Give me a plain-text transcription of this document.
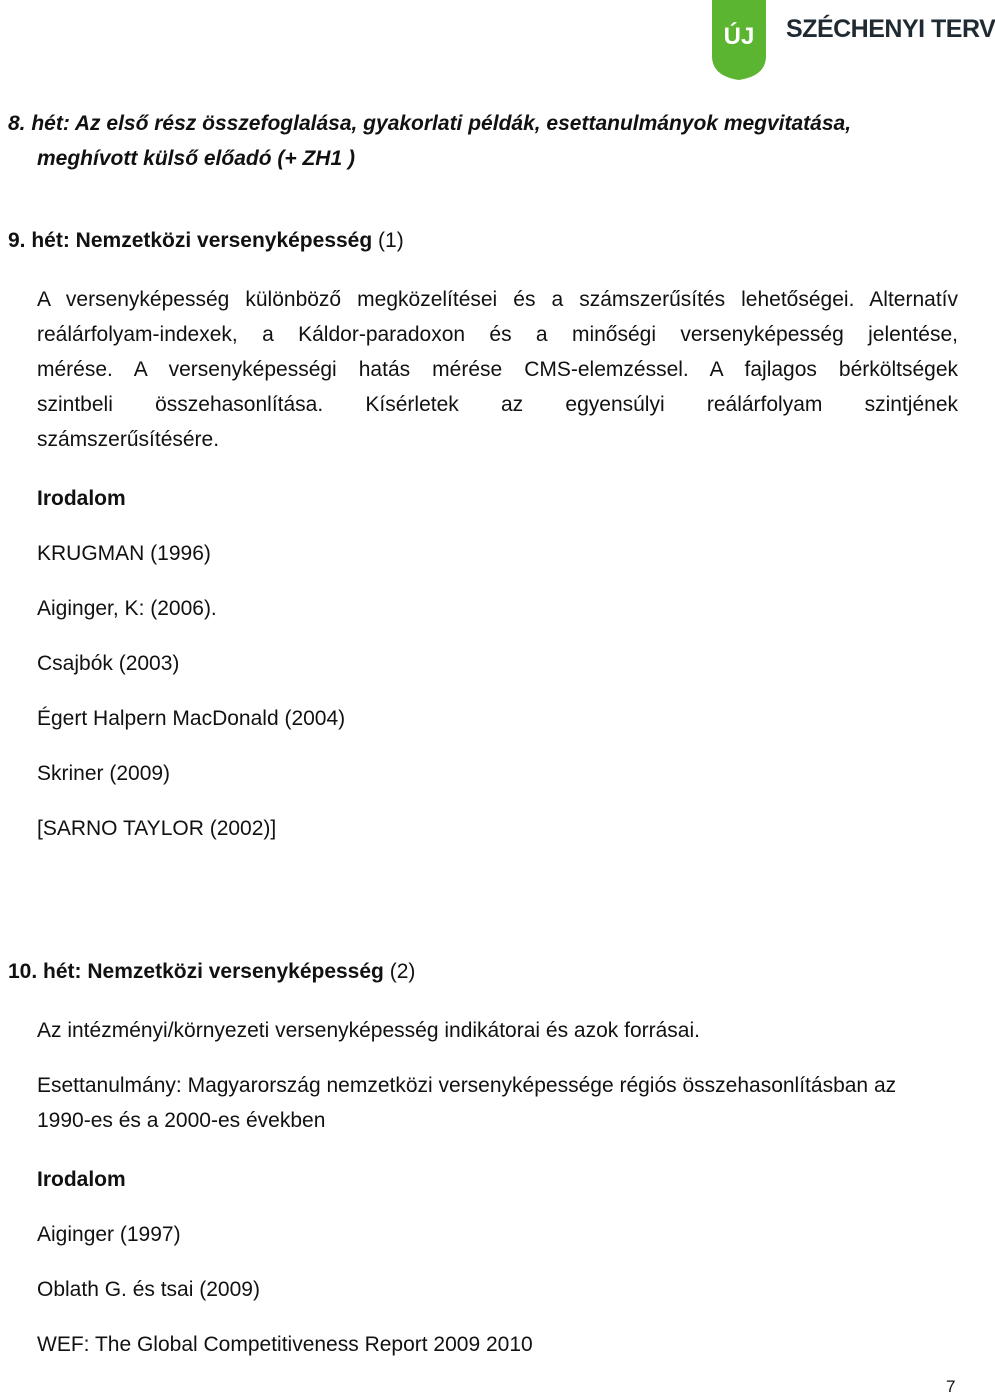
ÚJ SZÉCHENYI TERV
8. hét: Az első rész összefoglalása, gyakorlati példák, esettanulmányok megvitatása,
meghívott külső előadó (+ ZH1 )
9. hét: Nemzetközi versenyképesség (1)
A versenyképesség különböző megközelítései és a számszerűsítés lehetőségei. Alternatív
reálárfolyam-indexek, a Káldor-paradoxon és a minőségi versenyképesség jelentése,
mérése. A versenyképességi hatás mérése CMS-elemzéssel. A fajlagos bérköltségek
szintbeli összehasonlítása. Kísérletek az egyensúlyi reálárfolyam szintjének
számszerűsítésére.
Irodalom
KRUGMAN (1996)
Aiginger, K: (2006).
Csajbók (2003)
Égert Halpern MacDonald (2004)
Skriner (2009)
[SARNO TAYLOR (2002)]
10. hét: Nemzetközi versenyképesség (2)
Az intézményi/környezeti versenyképesség indikátorai és azok forrásai.
Esettanulmány: Magyarország nemzetközi versenyképessége régiós összehasonlításban az
1990-es és a 2000-es években
Irodalom
Aiginger (1997)
Oblath G. és tsai (2009)
WEF: The Global Competitiveness Report 2009 2010
7
